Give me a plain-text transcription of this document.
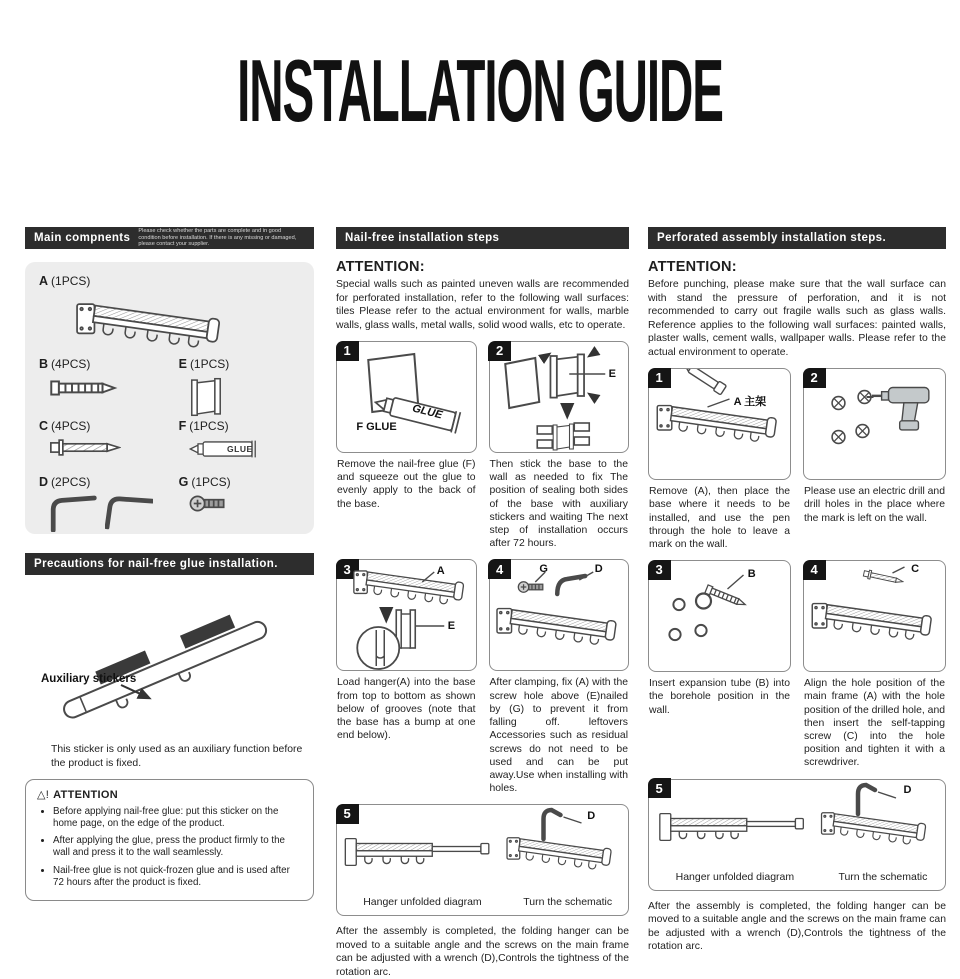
INSTALLATION GUIDE
Main compnents
Please check whether the parts are complete and in good condition before installation. If there is any missing or damaged, please contact your supplier.
A (1PCS)
B (4PCS)	E (1PCS)
C (4PCS)	F (1PCS)
GLUE
D (2PCS)	G (1PCS)
Precautions for nail-free glue installation.
Auxiliary stickers

This sticker is only used as an auxiliary function before the product is fixed.

△! ATTENTION
• Before applying nail-free glue: put this sticker on the home page, on the edge of the product.
• After applying the glue, press the product firmly to the wall and press it to the wall seamlessly.
• Nail-free glue is not quick-frozen glue and is used after 72 hours after the product is fixed.
Nail-free installation steps
ATTENTION:

Special walls such as painted uneven walls are recommended for perforated installation, refer to the following wall surfaces: tiles Please refer to the actual environment for walls, marble walls, glass walls, metal walls, solid wood walls, etc to operate.

1
F GLUE
GLUE
2
E

Remove the nail-free glue (F) and squeeze out the glue to evenly apply to the back of the base.

Then stick the base to the wall as needed to fix The position of sealing both sides of the base with auxiliary stickers and waiting The next step of installation occurs after 72 hours.

3	A
E
4	G	D

Load hanger(A) into the base from top to bottom as shown below of grooves (note that the base has a bump at one end below).

After clamping, fix (A) with the screw hole above (E)nailed by (G) to prevent it from falling off. leftovers Accessories such as residual screws do not need to be used and can be put away.Use when installing with holes.

5	D
Hanger unfolded diagram	Turn the schematic

After the assembly is completed, the folding hanger can be moved to a suitable angle and the screws on the main frame can be adjusted with a wrench (D),Controls the tightness of the rotation arc.

Perforated assembly installation steps.
ATTENTION:

Before punching, please make sure that the wall surface can with stand the pressure of perforation, and it is not recommended to carry out fragile walls such as glass walls. Reference applies to the following wall surfaces: painted walls, plaster walls, cement walls, wallpaper walls. Please refer to the actual environment to operate.

1
A 主架
2

Remove (A), then place the base where it needs to be installed, and use the pen through the hole to leave a mark on the wall.

Please use an electric drill and drill holes in the place where the mark is left on the wall.

3	B	4	C

Insert expansion tube (B) into the borehole position in the wall.

Align the hole position of the main frame (A) with the hole position of the drilled hole, and then insert the self-tapping screw (C) into the hole position and tighten it with a screwdriver.

5	D
Hanger unfolded diagram	Turn the schematic

After the assembly is completed, the folding hanger can be moved to a suitable angle and the screws on the main frame can be adjusted with a wrench (D),Controls the tightness of the rotation arc.
